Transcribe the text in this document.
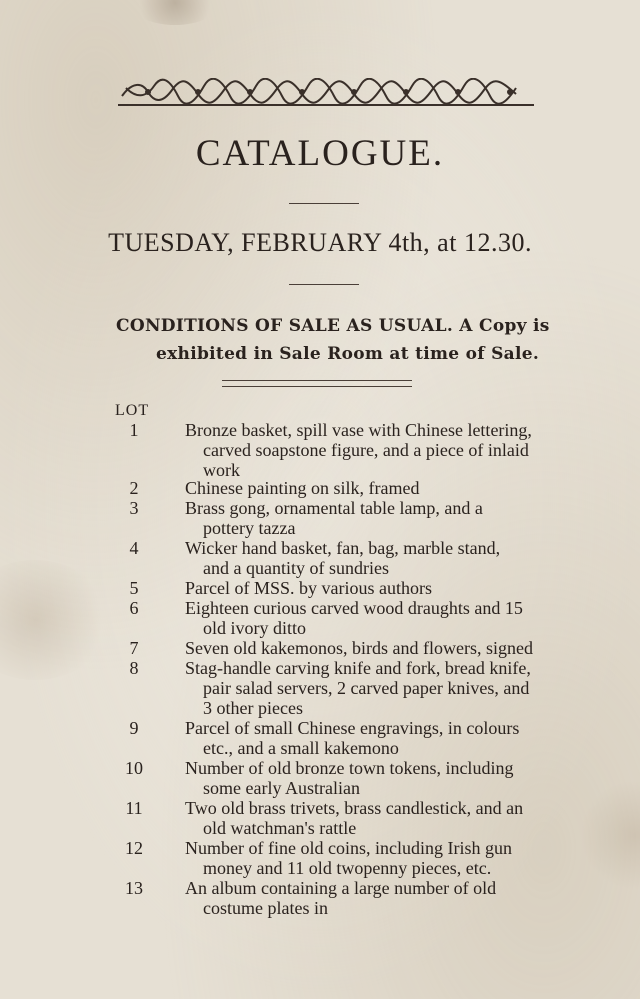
CATALOGUE.
TUESDAY, FEBRUARY 4th, at 12.30.
CONDITIONS OF SALE AS USUAL. A Copy is
exhibited in Sale Room at time of Sale.
LOT
1	Bronze basket, spill vase with Chinese lettering,
carved soapstone figure, and a piece of inlaid
work
2	Chinese painting on silk, framed
3	Brass gong, ornamental table lamp, and a
pottery tazza
4	Wicker hand basket, fan, bag, marble stand,
and a quantity of sundries
5	Parcel of MSS. by various authors
6	Eighteen curious carved wood draughts and 15
old ivory ditto
7	Seven old kakemonos, birds and flowers, signed
8	Stag-handle carving knife and fork, bread knife,
pair salad servers, 2 carved paper knives, and
3 other pieces
9	Parcel of small Chinese engravings, in colours
etc., and a small kakemono
10 Number of old bronze town tokens, including
some early Australian
11 Two old brass trivets, brass candlestick, and an
old watchman's rattle
12 Number of fine old coins, including Irish gun
money and 11 old twopenny pieces, etc.
13 An album containing a large number of old
costume plates in
